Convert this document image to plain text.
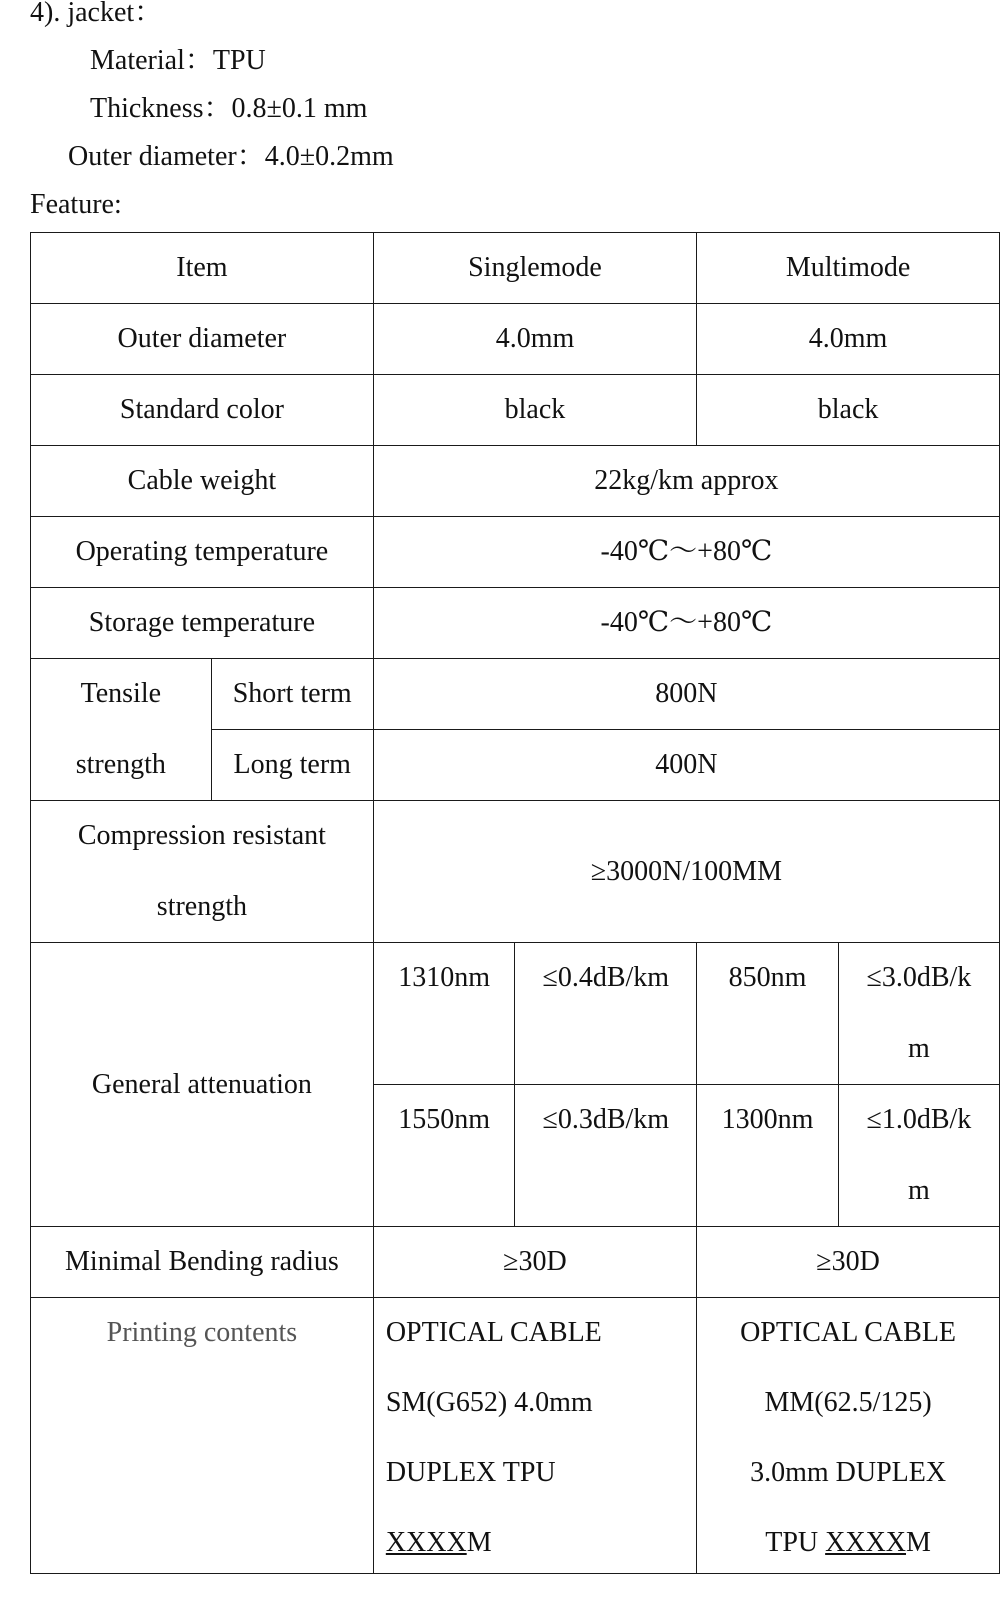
4). jacket：
Material：TPU
Thickness：0.8±0.1 mm
Outer diameter：4.0±0.2mm
Feature:
Item		Singlemode		Multimode	
Outer diameter		4.0mm		4.0mm	
Standard color		black		black	
Cable weight		22kg/km approx			
Operating temperature		-40℃～+80℃			
Storage temperature		-40℃～+80℃			

Tensile
strength	Short term	800N			
	Long term	400N			

Compression resistant
strength		≥3000N/100MM			
General attenuation		1310nm	≤0.4dB/km	850nm	≤3.0dB/k
m

		1550nm	≤0.3dB/km	1300nm	≤1.0dB/k
m

Minimal Bending radius		≥30D		≥30D	
Printing contents		OPTICAL CABLE
SM(G652) 4.0mm
DUPLEX TPU
XXXXM		OPTICAL CABLE
MM(62.5/125)
3.0mm DUPLEX
TPU XXXXM	
